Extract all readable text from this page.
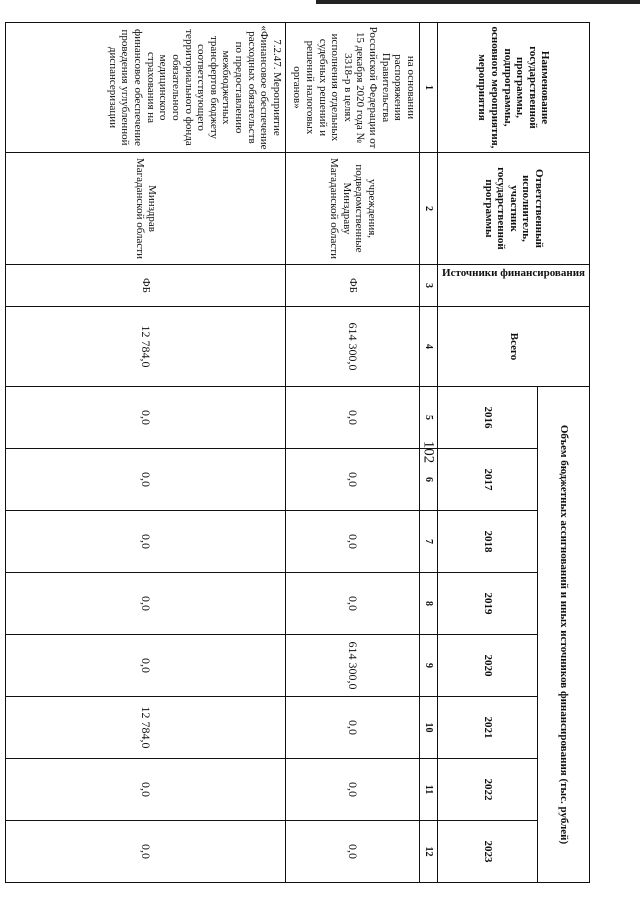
102
Наименование государственной программы, подпрограммы, основного мероприятия, мероприятия	Ответственный исполнитель, участник государственной программы	Источники финансирования	Всего	Объем бюджетных ассигнований и иных источников финансирования (тыс. рублей)							
				2016	2017	2018	2019	2020	2021	2022	2023
1	2	3	4	5	6	7	8	9	10	11	12
на основании распоряжения Правительства Российской Федерации от 15 декабря 2020 года № 3318-р в целях исполнения отдельных судебных решений и решений налоговых органов»	учреждения, подведомственные Минздраву Магаданской области	ФБ	614 300,0	0,0	0,0	0,0	0,0	614 300,0	0,0	0,0	0,0
7.2.47. Мероприятие «Финансовое обеспечение расходных обязательств по предоставлению межбюджетных трансфертов бюджету соответствующего территориального фонда обязательного медицинского страхования на финансовое обеспечение проведения углубленной диспансеризации	Минздрав Магаданской области	ФБ	12 784,0	0,0	0,0	0,0	0,0	0,0	12 784,0	0,0	0,0
